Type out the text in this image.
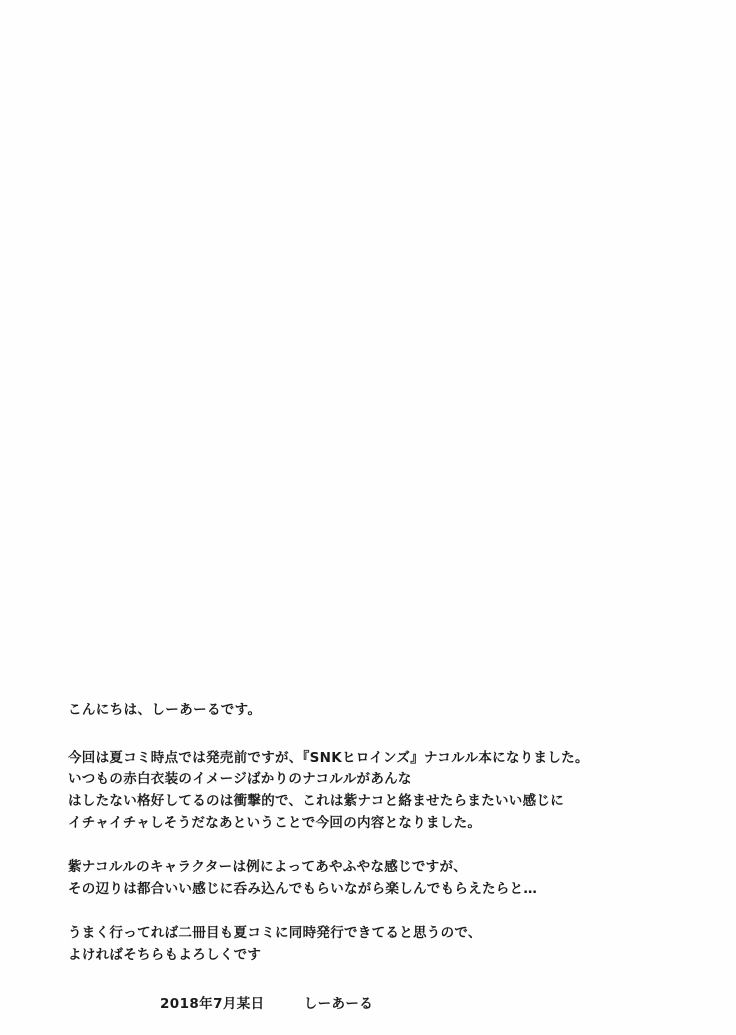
こんにちは、しーあーるです。

今回は夏コミ時点では発売前ですが、『SNKヒロインズ』ナコルル本になりました。
いつもの赤白衣装のイメージばかりのナコルルがあんな
はしたない格好してるのは衝撃的で、これは紫ナコと絡ませたらまたいい感じに
イチャイチャしそうだなあということで今回の内容となりました。

紫ナコルルのキャラクターは例によってあやふやな感じですが、
その辺りは都合いい感じに呑み込んでもらいながら楽しんでもらえたらと…

うまく行ってれば二冊目も夏コミに同時発行できてると思うので、
よければそちらもよろしくです

2018年7月某日	しーあーる
